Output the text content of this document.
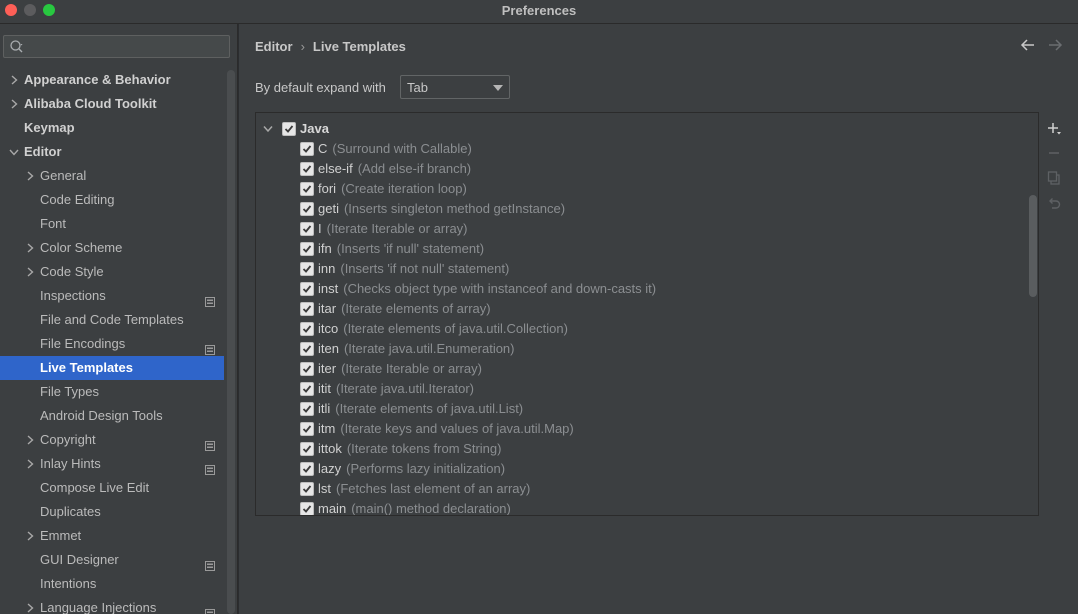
Preferences
Appearance & Behavior
Alibaba Cloud Toolkit
Keymap
Editor
General
Code Editing
Font
Color Scheme
Code Style
Inspections
File and Code Templates
File Encodings
Live Templates
File Types
Android Design Tools
Copyright
Inlay Hints
Compose Live Edit
Duplicates
Emmet
GUI Designer
Intentions
Language Injections
Editor › Live Templates
By default expand with Tab
Java
C (Surround with Callable)
else-if (Add else-if branch)
fori (Create iteration loop)
geti (Inserts singleton method getInstance)
I (Iterate Iterable or array)
ifn (Inserts 'if null' statement)
inn (Inserts 'if not null' statement)
inst (Checks object type with instanceof and down-casts it)
itar (Iterate elements of array)
itco (Iterate elements of java.util.Collection)
iten (Iterate java.util.Enumeration)
iter (Iterate Iterable or array)
itit (Iterate java.util.Iterator)
itli (Iterate elements of java.util.List)
itm (Iterate keys and values of java.util.Map)
ittok (Iterate tokens from String)
lazy (Performs lazy initialization)
lst (Fetches last element of an array)
main (main() method declaration)
